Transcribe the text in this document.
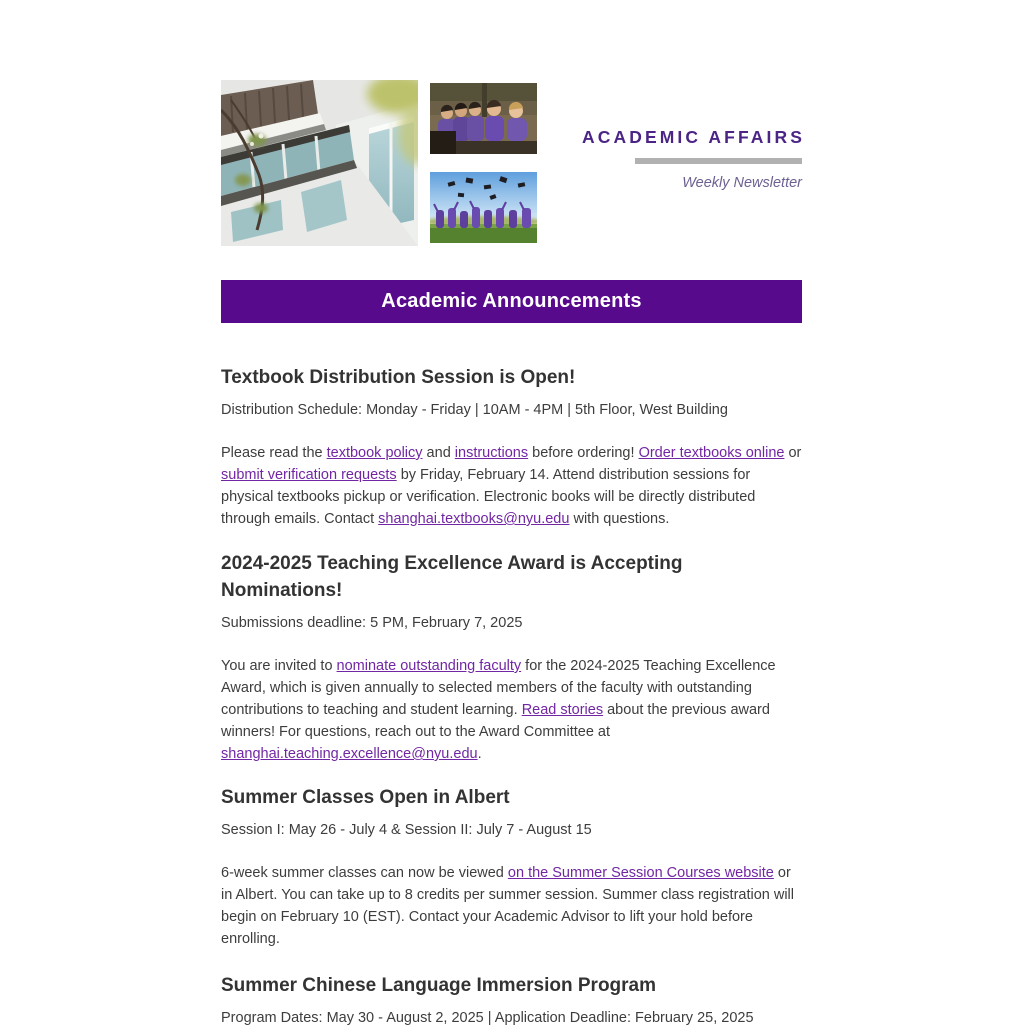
ACADEMIC AFFAIRS
Weekly Newsletter
Academic Announcements
Textbook Distribution Session is Open!

Distribution Schedule: Monday - Friday | 10AM - 4PM | 5th Floor, West Building

Please read the textbook policy and instructions before ordering! Order textbooks online or submit verification requests by Friday, February 14. Attend distribution sessions for physical textbooks pickup or verification. Electronic books will be directly distributed through emails. Contact shanghai.textbooks@nyu.edu with questions.

2024-2025 Teaching Excellence Award is Accepting Nominations!

Submissions deadline: 5 PM, February 7, 2025

You are invited to nominate outstanding faculty for the 2024-2025 Teaching Excellence Award, which is given annually to selected members of the faculty with outstanding contributions to teaching and student learning. Read stories about the previous award winners! For questions, reach out to the Award Committee at shanghai.teaching.excellence@nyu.edu.

Summer Classes Open in Albert

Session I: May 26 - July 4 & Session II: July 7 - August 15

6-week summer classes can now be viewed on the Summer Session Courses website or in Albert. You can take up to 8 credits per summer session. Summer class registration will begin on February 10 (EST). Contact your Academic Advisor to lift your hold before enrolling.

Summer Chinese Language Immersion Program

Program Dates: May 30 - August 2, 2025 | Application Deadline: February 25, 2025
